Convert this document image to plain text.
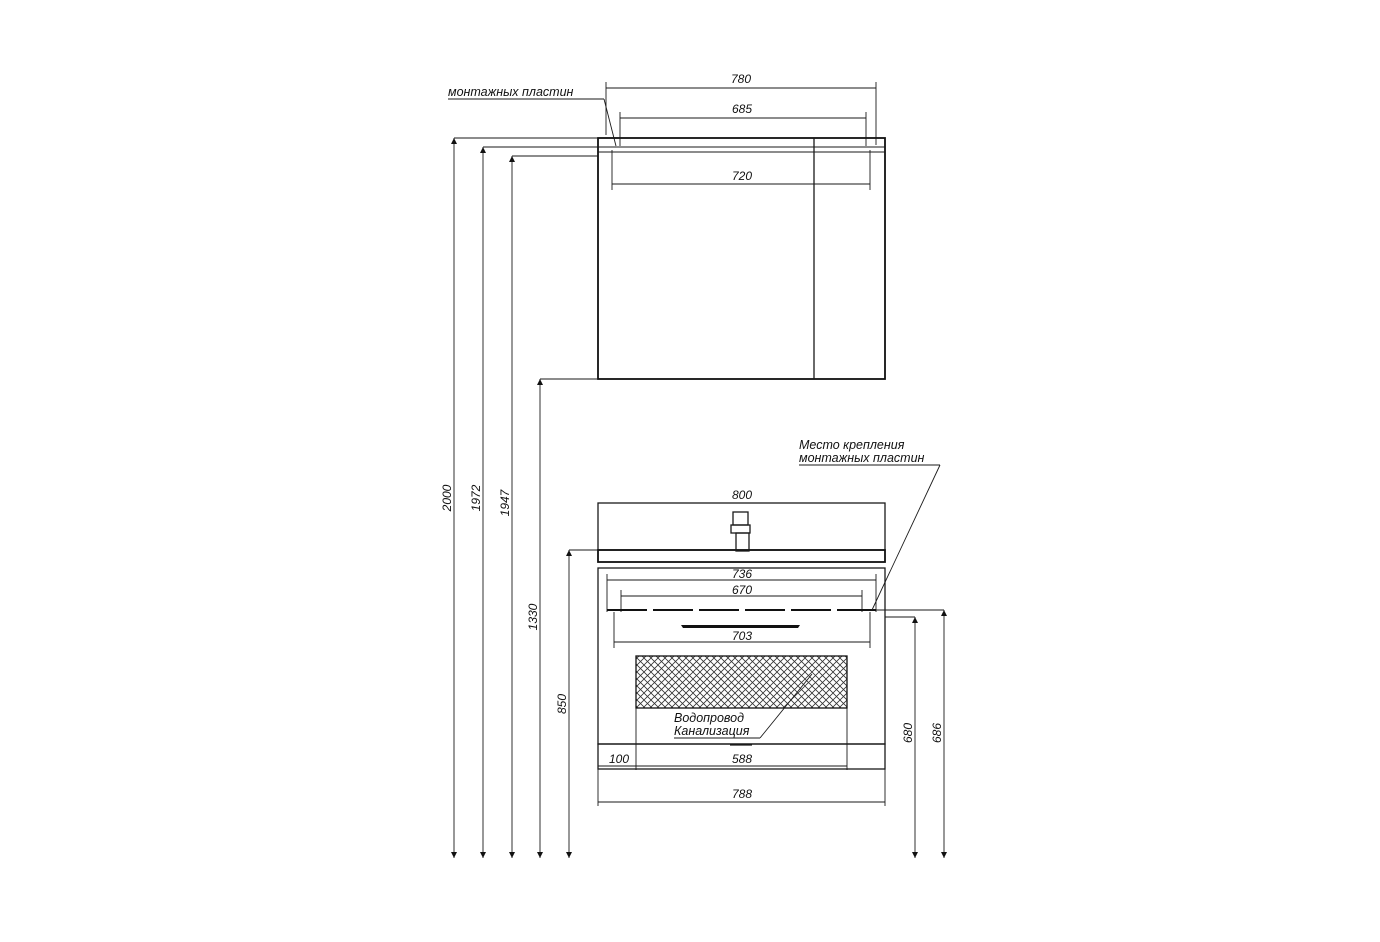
780
685
720
монтажных пластин
800
736
670
703
100	588
788
Водопровод
Канализация
Место крепления
монтажных пластин
2000 1972 1947
1330
850
680 686
